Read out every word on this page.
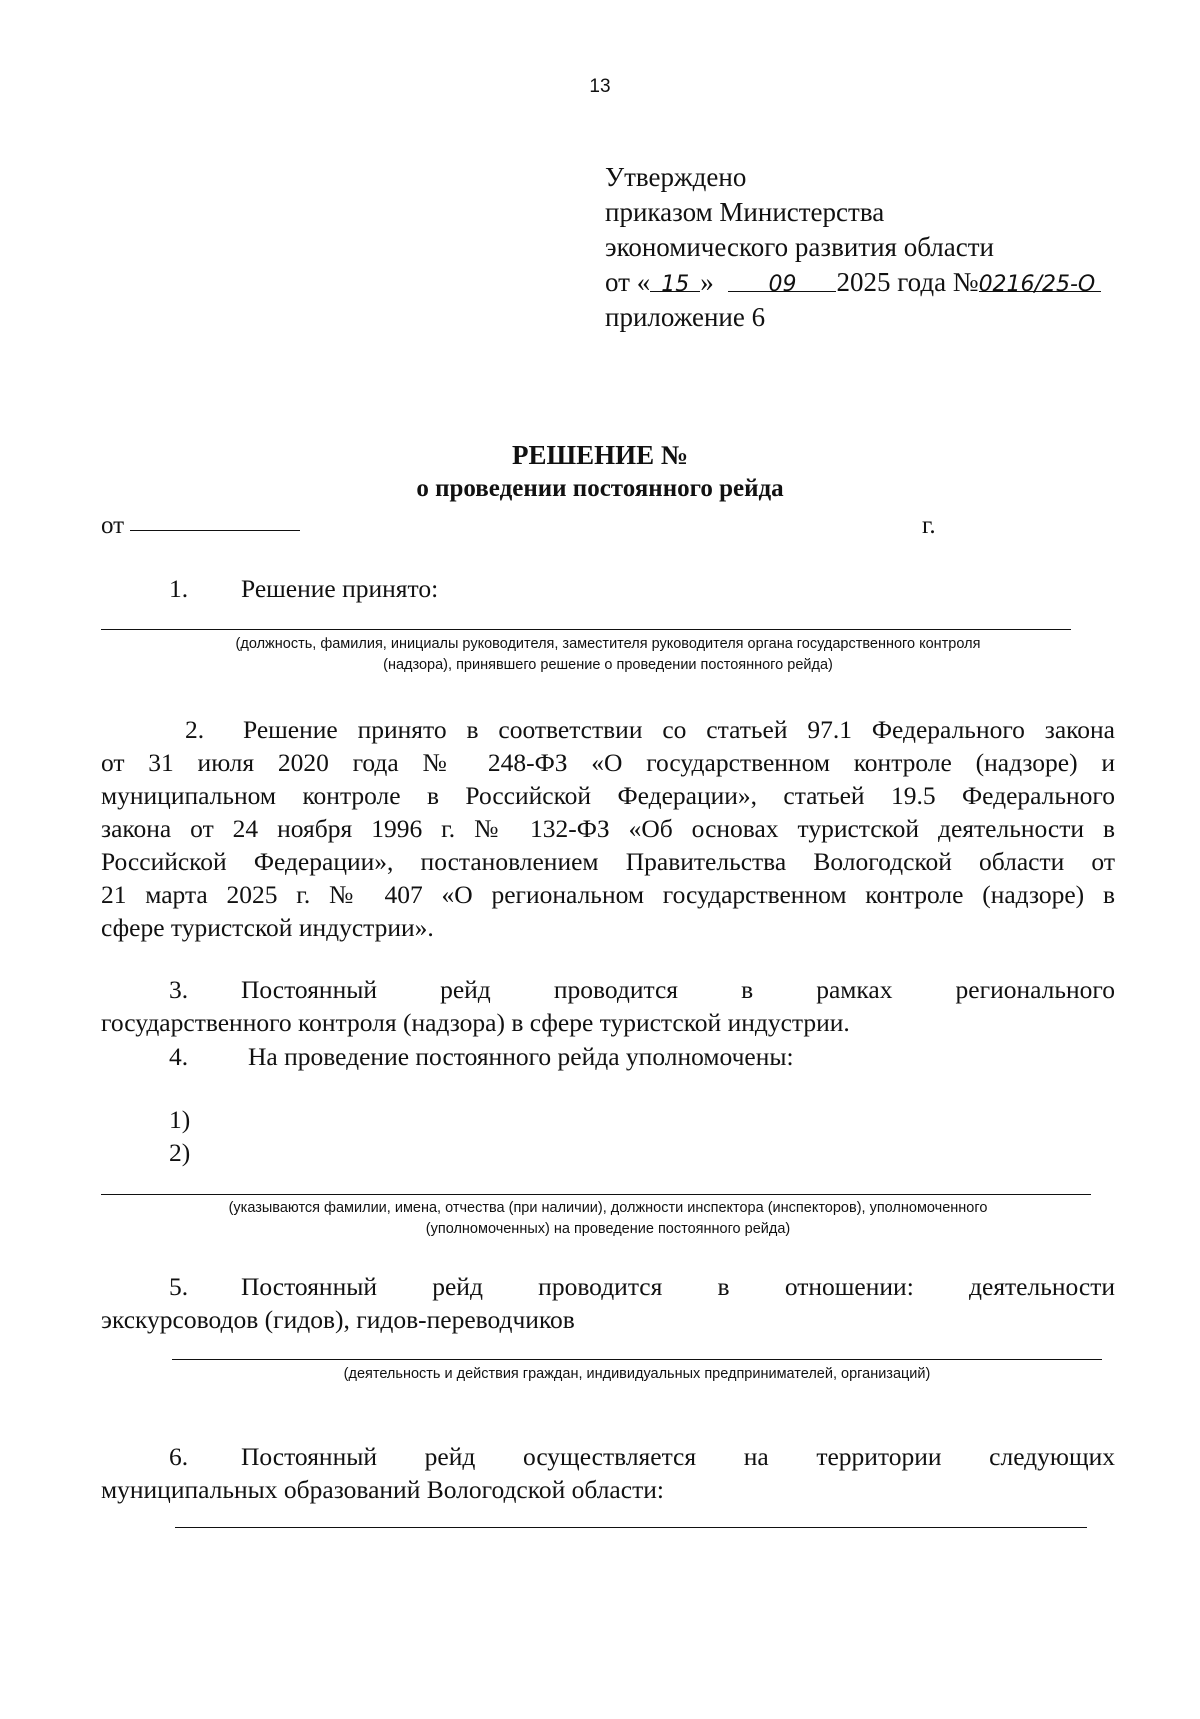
13
Утверждено
приказом Министерства
экономического развития области
от « 15 » 09 2025 года №0216/25-О
приложение 6
РЕШЕНИЕ №
о проведении постоянного рейда
от	г.
1. Решение принято:
(должность, фамилия, инициалы руководителя, заместителя руководителя органа государственного контроля
(надзора), принявшего решение о проведении постоянного рейда)
2. Решение принято в соответствии со статьей 97.1 Федерального закона
от 31 июля 2020 года № 248-ФЗ «О государственном контроле (надзоре) и
муниципальном контроле в Российской Федерации», статьей 19.5 Федерального
закона от 24 ноября 1996 г. № 132-ФЗ «Об основах туристской деятельности в
Российской Федерации», постановлением Правительства Вологодской области от
21 марта 2025 г. № 407 «О региональном государственном контроле (надзоре) в
сфере туристской индустрии».
3. Постоянный рейд проводится в рамках регионального
государственного контроля (надзора) в сфере туристской индустрии.
4. На проведение постоянного рейда уполномочены:
1)
2)
(указываются фамилии, имена, отчества (при наличии), должности инспектора (инспекторов), уполномоченного
(уполномоченных) на проведение постоянного рейда)
5. Постоянный рейд проводится в отношении: деятельности
экскурсоводов (гидов), гидов-переводчиков
(деятельность и действия граждан, индивидуальных предпринимателей, организаций)
6. Постоянный рейд осуществляется на территории следующих
муниципальных образований Вологодской области:
